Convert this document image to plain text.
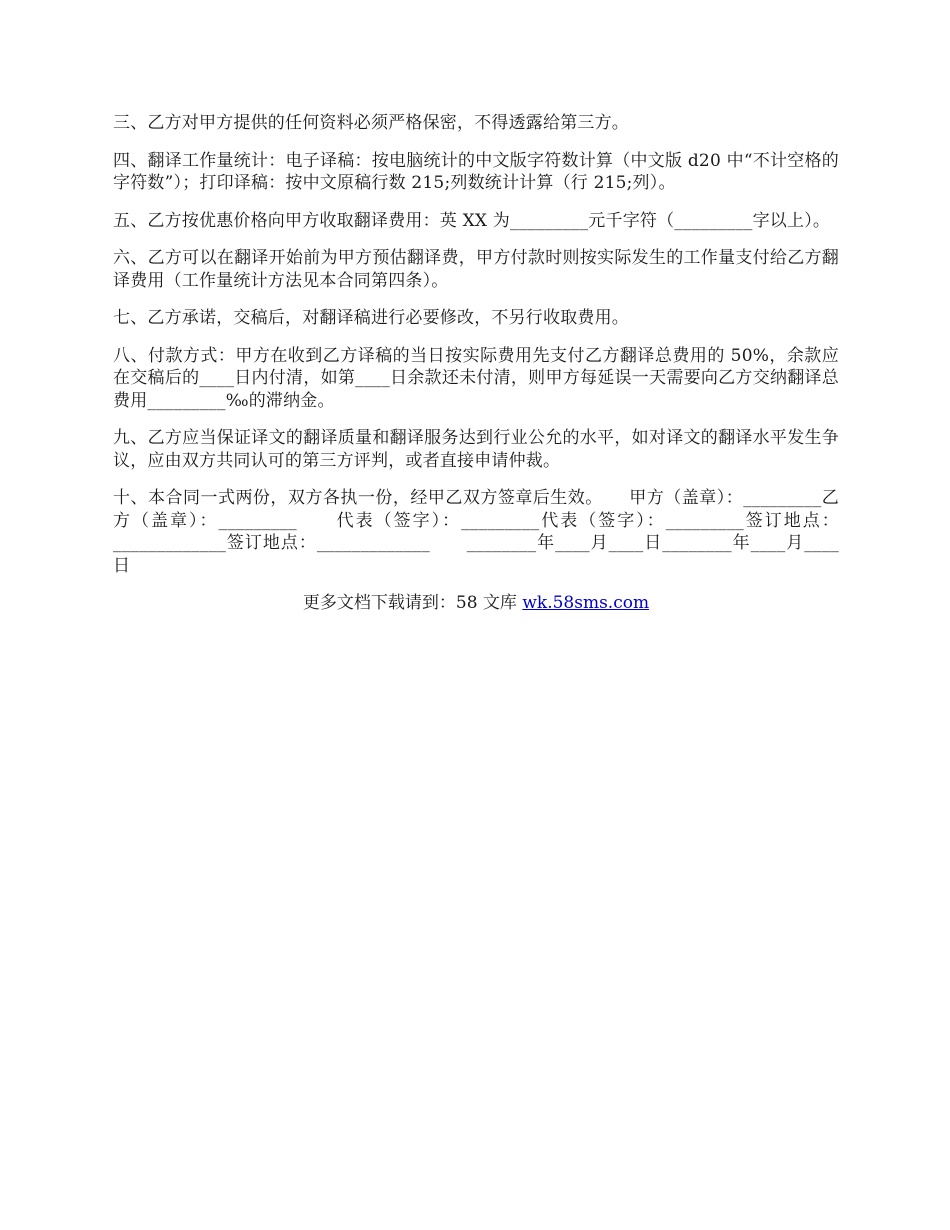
三、乙方对甲方提供的任何资料必须严格保密，不得透露给第三方。

四、翻译工作量统计：电子译稿：按电脑统计的中文版字符数计算（中文版 d20 中“不计空格的字符数”）；打印译稿：按中文原稿行数 215;列数统计计算（行 215;列）。

五、乙方按优惠价格向甲方收取翻译费用：英 XX 为_________元千字符（_________字以上）。

六、乙方可以在翻译开始前为甲方预估翻译费，甲方付款时则按实际发生的工作量支付给乙方翻译费用（工作量统计方法见本合同第四条）。

七、乙方承诺，交稿后，对翻译稿进行必要修改，不另行收取费用。

八、付款方式：甲方在收到乙方译稿的当日按实际费用先支付乙方翻译总费用的 50%，余款应在交稿后的____日内付清，如第____日余款还未付清，则甲方每延误一天需要向乙方交纳翻译总费用_________‰的滞纳金。

九、乙方应当保证译文的翻译质量和翻译服务达到行业公允的水平，如对译文的翻译水平发生争议，应由双方共同认可的第三方评判，或者直接申请仲裁。

十、本合同一式两份，双方各执一份，经甲乙双方签章后生效。　　甲方（盖章）：_________乙方（盖章）：_________　　代表（签字）：_________代表（签字）：_________签订地点：_____________签订地点：_____________　　________年____月____日________年____月____日

更多文档下载请到：58 文库 wk.58sms.com
